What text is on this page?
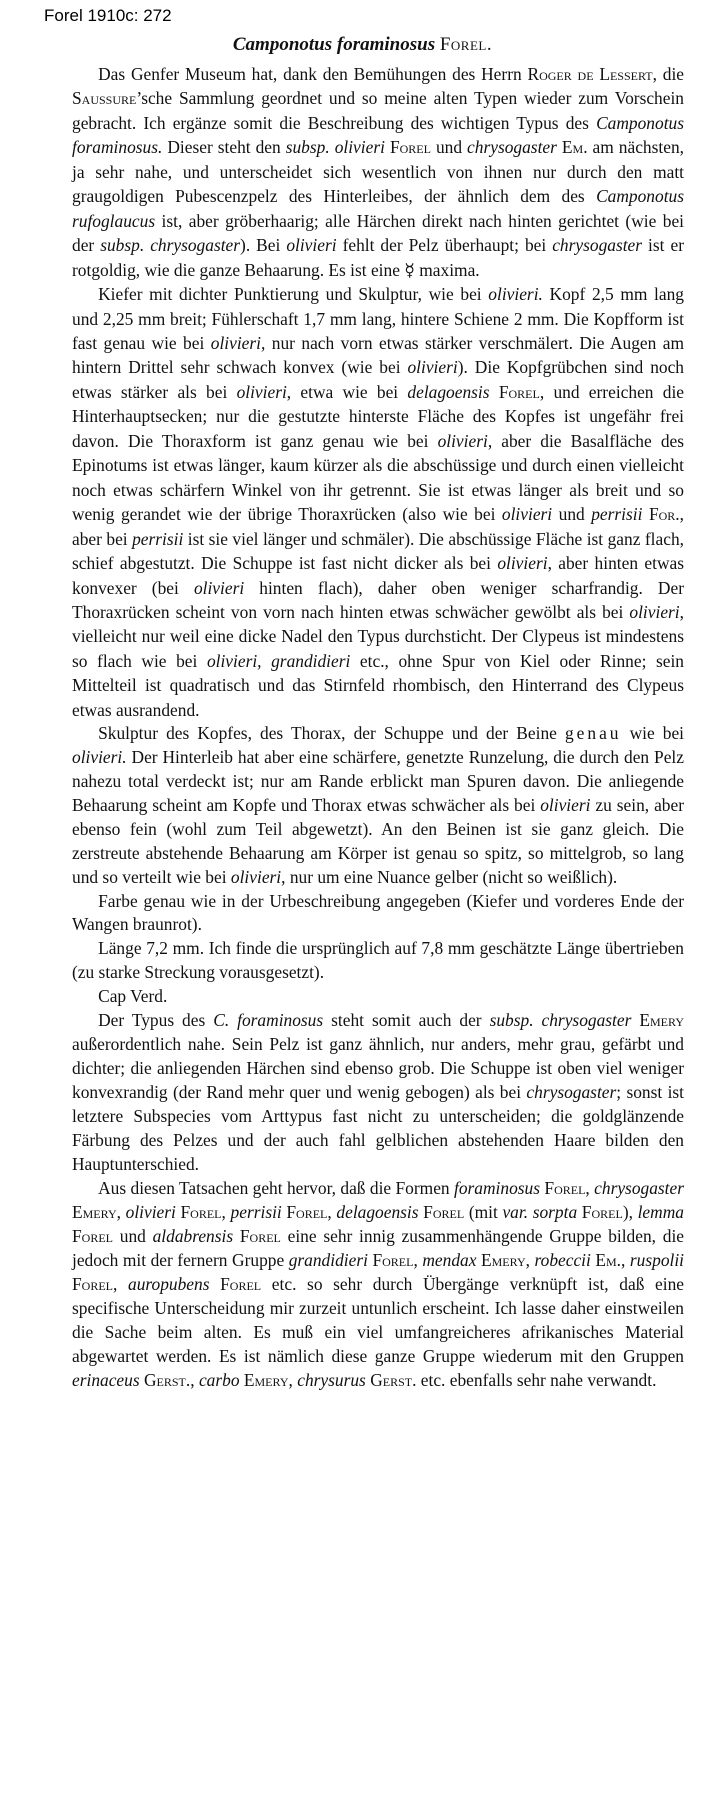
Forel 1910c: 272
Camponotus foraminosus Forel.

Das Genfer Museum hat, dank den Bemühungen des Herrn Roger de Lessert, die Saussure’sche Sammlung geordnet und so meine alten Typen wieder zum Vorschein gebracht. Ich ergänze somit die Beschreibung des wichtigen Typus des Camponotus foraminosus. Dieser steht den subsp. olivieri Forel und chrysogaster Em. am nächsten, ja sehr nahe, und unterscheidet sich wesentlich von ihnen nur durch den matt graugoldigen Pubescenzpelz des Hinterleibes, der ähnlich dem des Camponotus rufoglaucus ist, aber gröberhaarig; alle Härchen direkt nach hinten gerichtet (wie bei der subsp. chrysogaster). Bei olivieri fehlt der Pelz überhaupt; bei chrysogaster ist er rotgoldig, wie die ganze Behaarung. Es ist eine ☿ maxima.

Kiefer mit dichter Punktierung und Skulptur, wie bei olivieri. Kopf 2,5 mm lang und 2,25 mm breit; Fühlerschaft 1,7 mm lang, hintere Schiene 2 mm. Die Kopfform ist fast genau wie bei olivieri, nur nach vorn etwas stärker verschmälert. Die Augen am hintern Drittel sehr schwach konvex (wie bei olivieri). Die Kopfgrübchen sind noch etwas stärker als bei olivieri, etwa wie bei delagoensis Forel, und erreichen die Hinterhauptsecken; nur die gestutzte hinterste Fläche des Kopfes ist ungefähr frei davon. Die Thoraxform ist ganz genau wie bei olivieri, aber die Basalfläche des Epinotums ist etwas länger, kaum kürzer als die abschüssige und durch einen vielleicht noch etwas schärfern Winkel von ihr getrennt. Sie ist etwas länger als breit und so wenig gerandet wie der übrige Thoraxrücken (also wie bei olivieri und perrisii For., aber bei perrisii ist sie viel länger und schmäler). Die abschüssige Fläche ist ganz flach, schief abgestutzt. Die Schuppe ist fast nicht dicker als bei olivieri, aber hinten etwas konvexer (bei olivieri hinten flach), daher oben weniger scharfrandig. Der Thoraxrücken scheint von vorn nach hinten etwas schwächer gewölbt als bei olivieri, vielleicht nur weil eine dicke Nadel den Typus durchsticht. Der Clypeus ist mindestens so flach wie bei olivieri, grandidieri etc., ohne Spur von Kiel oder Rinne; sein Mittelteil ist quadratisch und das Stirnfeld rhombisch, den Hinterrand des Clypeus etwas ausrandend.

Skulptur des Kopfes, des Thorax, der Schuppe und der Beine genau wie bei olivieri. Der Hinterleib hat aber eine schärfere, genetzte Runzelung, die durch den Pelz nahezu total verdeckt ist; nur am Rande erblickt man Spuren davon. Die anliegende Behaarung scheint am Kopfe und Thorax etwas schwächer als bei olivieri zu sein, aber ebenso fein (wohl zum Teil abgewetzt). An den Beinen ist sie ganz gleich. Die zerstreute abstehende Behaarung am Körper ist genau so spitz, so mittelgrob, so lang und so verteilt wie bei olivieri, nur um eine Nuance gelber (nicht so weißlich).

Farbe genau wie in der Urbeschreibung angegeben (Kiefer und vorderes Ende der Wangen braunrot).

Länge 7,2 mm. Ich finde die ursprünglich auf 7,8 mm geschätzte Länge übertrieben (zu starke Streckung vorausgesetzt).

Cap Verd.

Der Typus des C. foraminosus steht somit auch der subsp. chrysogaster Emery außerordentlich nahe. Sein Pelz ist ganz ähnlich, nur anders, mehr grau, gefärbt und dichter; die anliegenden Härchen sind ebenso grob. Die Schuppe ist oben viel weniger konvexrandig (der Rand mehr quer und wenig gebogen) als bei chrysogaster; sonst ist letztere Subspecies vom Arttypus fast nicht zu unterscheiden; die goldglänzende Färbung des Pelzes und der auch fahl gelblichen abstehenden Haare bilden den Hauptunterschied.

Aus diesen Tatsachen geht hervor, daß die Formen foraminosus Forel, chrysogaster Emery, olivieri Forel, perrisii Forel, delagoensis Forel (mit var. sorpta Forel), lemma Forel und aldabrensis Forel eine sehr innig zusammenhängende Gruppe bilden, die jedoch mit der fernern Gruppe grandidieri Forel, mendax Emery, robeccii Em., ruspolii Forel, auropubens Forel etc. so sehr durch Übergänge verknüpft ist, daß eine specifische Unterscheidung mir zurzeit untunlich erscheint. Ich lasse daher einstweilen die Sache beim alten. Es muß ein viel umfangreicheres afrikanisches Material abgewartet werden. Es ist nämlich diese ganze Gruppe wiederum mit den Gruppen erinaceus Gerst., carbo Emery, chrysurus Gerst. etc. ebenfalls sehr nahe verwandt.
